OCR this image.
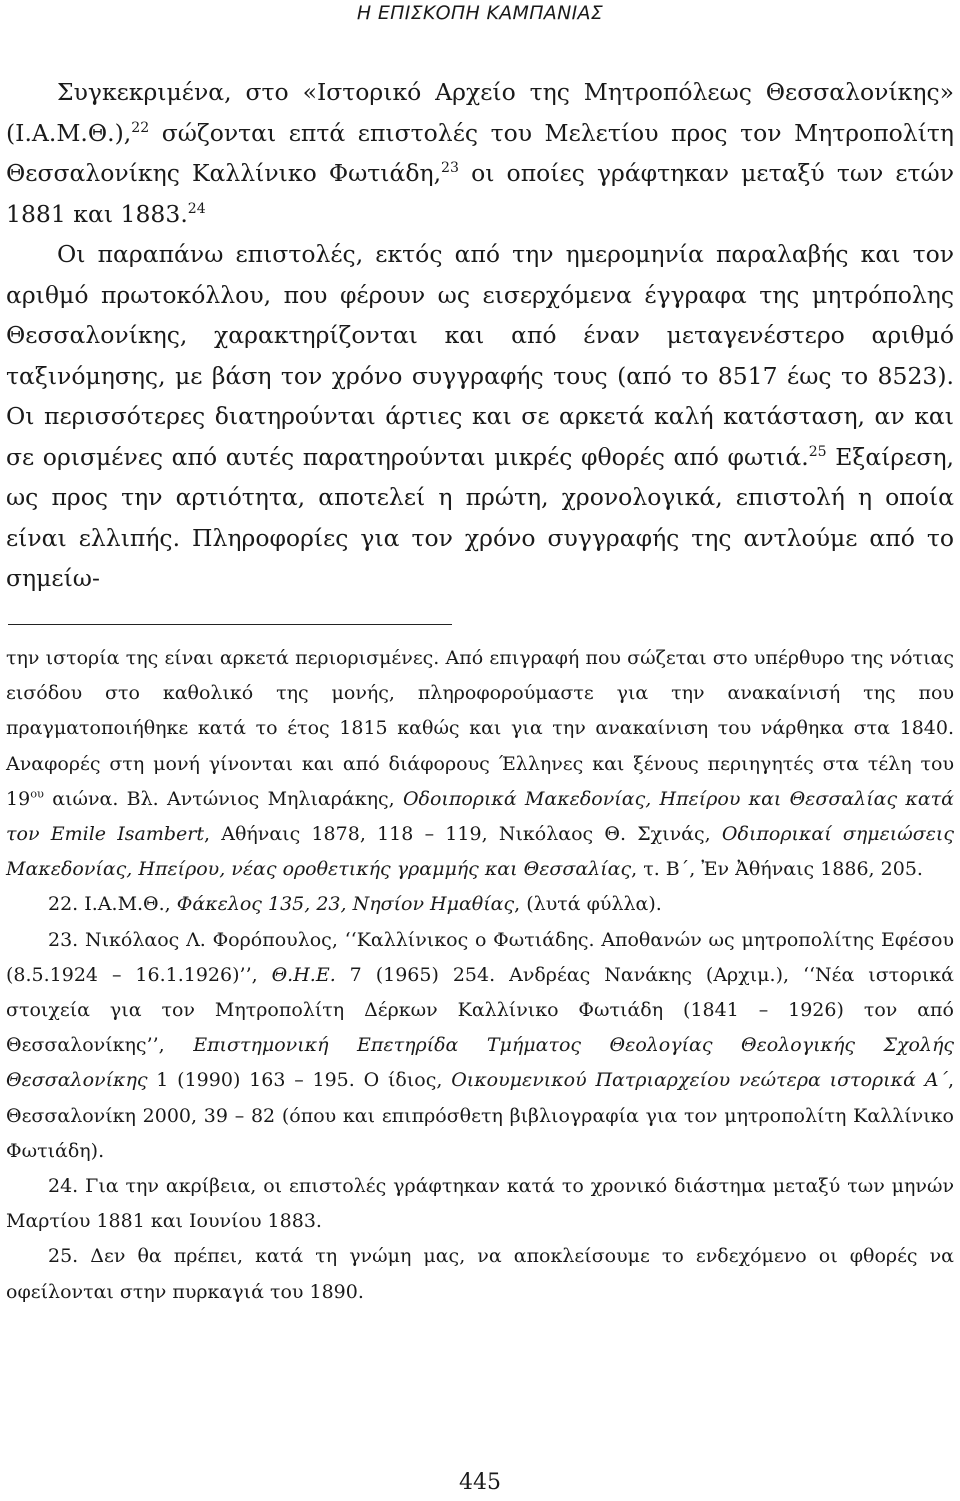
Η ΕΠΙΣΚΟΠΗ ΚΑΜΠΑΝΙΑΣ

Συγκεκριμένα, στο «Ιστορικό Αρχείο της Μητροπόλεως Θεσσαλονίκης» (Ι.Α.Μ.Θ.),$^{22}$ σώζονται επτά επιστολές του Μελετίου προς τον Μητροπολίτη Θεσσαλονίκης Καλλίνικο Φωτιάδη,$^{23}$ οι οποίες γράφτηκαν μεταξύ των ετών 1881 και 1883.24

Οι παραπάνω επιστολές, εκτός από την ημερομηνία παραλαβής και τον αριθμό πρωτοκόλλου, που φέρουν ως εισερχόμενα έγγραφα της μητρόπολης Θεσσαλονίκης, χαρακτηρίζονται και από έναν μεταγενέστερο αριθμό ταξινόμησης, με βάση τον χρόνο συγγραφής τους (από το 8517 έως το 8523). Οι περισσότερες διατηρούνται άρτιες και σε αρκετά καλή κατάσταση, αν και σε ορισμένες από αυτές παρατηρούνται μικρές φθορές από φωτιά.$^{25}$ Εξαίρεση, ως προς την αρτιότητα, αποτελεί η πρώτη, χρονολογικά, επιστολή η οποία είναι ελλιπής. Πληροφορίες για τον χρόνο συγγραφής της αντλούμε από το σημείω-

την ιστορία της είναι αρκετά περιορισμένες. Από επιγραφή που σώζεται στο υπέρθυρο της νότιας εισόδου στο καθολικό της μονής, πληροφορούμαστε για την ανακαίνισή της που πραγματοποιήθηκε κατά το έτος 1815 καθώς και για την ανακαίνιση του νάρθηκα στα 1840. Αναφορές στη μονή γίνονται και από διάφορους Έλληνες και ξένους περιηγητές στα τέλη του $19^{o\upsilon}$ αιώνα. Βλ. Αντώνιος Μηλιαράκης, Οδοιπορικά Μακεδονίας, Ηπείρου και Θεσσαλίας κατά τον Emile Isambert, Αθήναις 1878, 118 – 119, Νικόλαος Θ. Σχινάς, Οδιπορικαί σημειώσεις Μακεδονίας, Ηπείρου, νέας οροθετικής γραμμής και Θεσσαλίας, τ. Β΄, Ἐν Ἀθήναις 1886, 205.

22. Ι.Α.Μ.Θ., Φάκελος 135, 23, Νησίον Ημαθίας, (λυτά φύλλα).

23. Νικόλαος Λ. Φορόπουλος, ‘‘Καλλίνικος ο Φωτιάδης. Αποθανών ως μητροπολίτης Εφέσου (8.5.1924 – 16.1.1926)’’, Θ.Η.Ε. 7 (1965) 254. Ανδρέας Νανάκης (Αρχιμ.), ‘‘Νέα ιστορικά στοιχεία για τον Μητροπολίτη Δέρκων Καλλίνικο Φωτιάδη (1841 – 1926) τον από Θεσσαλονίκης’’, Επιστημονική Επετηρίδα Τμήματος Θεολογίας Θεολογικής Σχολής Θεσσαλονίκης 1 (1990) 163 – 195. Ο ίδιος, Οικουμενικού Πατριαρχείου νεώτερα ιστορικά Α΄, Θεσσαλονίκη 2000, 39 – 82 (όπου και επιπρόσθετη βιβλιογραφία για τον μητροπολίτη Καλλίνικο Φωτιάδη).

24. Για την ακρίβεια, οι επιστολές γράφτηκαν κατά το χρονικό διάστημα μεταξύ των μηνών Μαρτίου 1881 και Ιουνίου 1883.

25. Δεν θα πρέπει, κατά τη γνώμη μας, να αποκλείσουμε το ενδεχόμενο οι φθορές να οφείλονται στην πυρκαγιά του 1890.

445
